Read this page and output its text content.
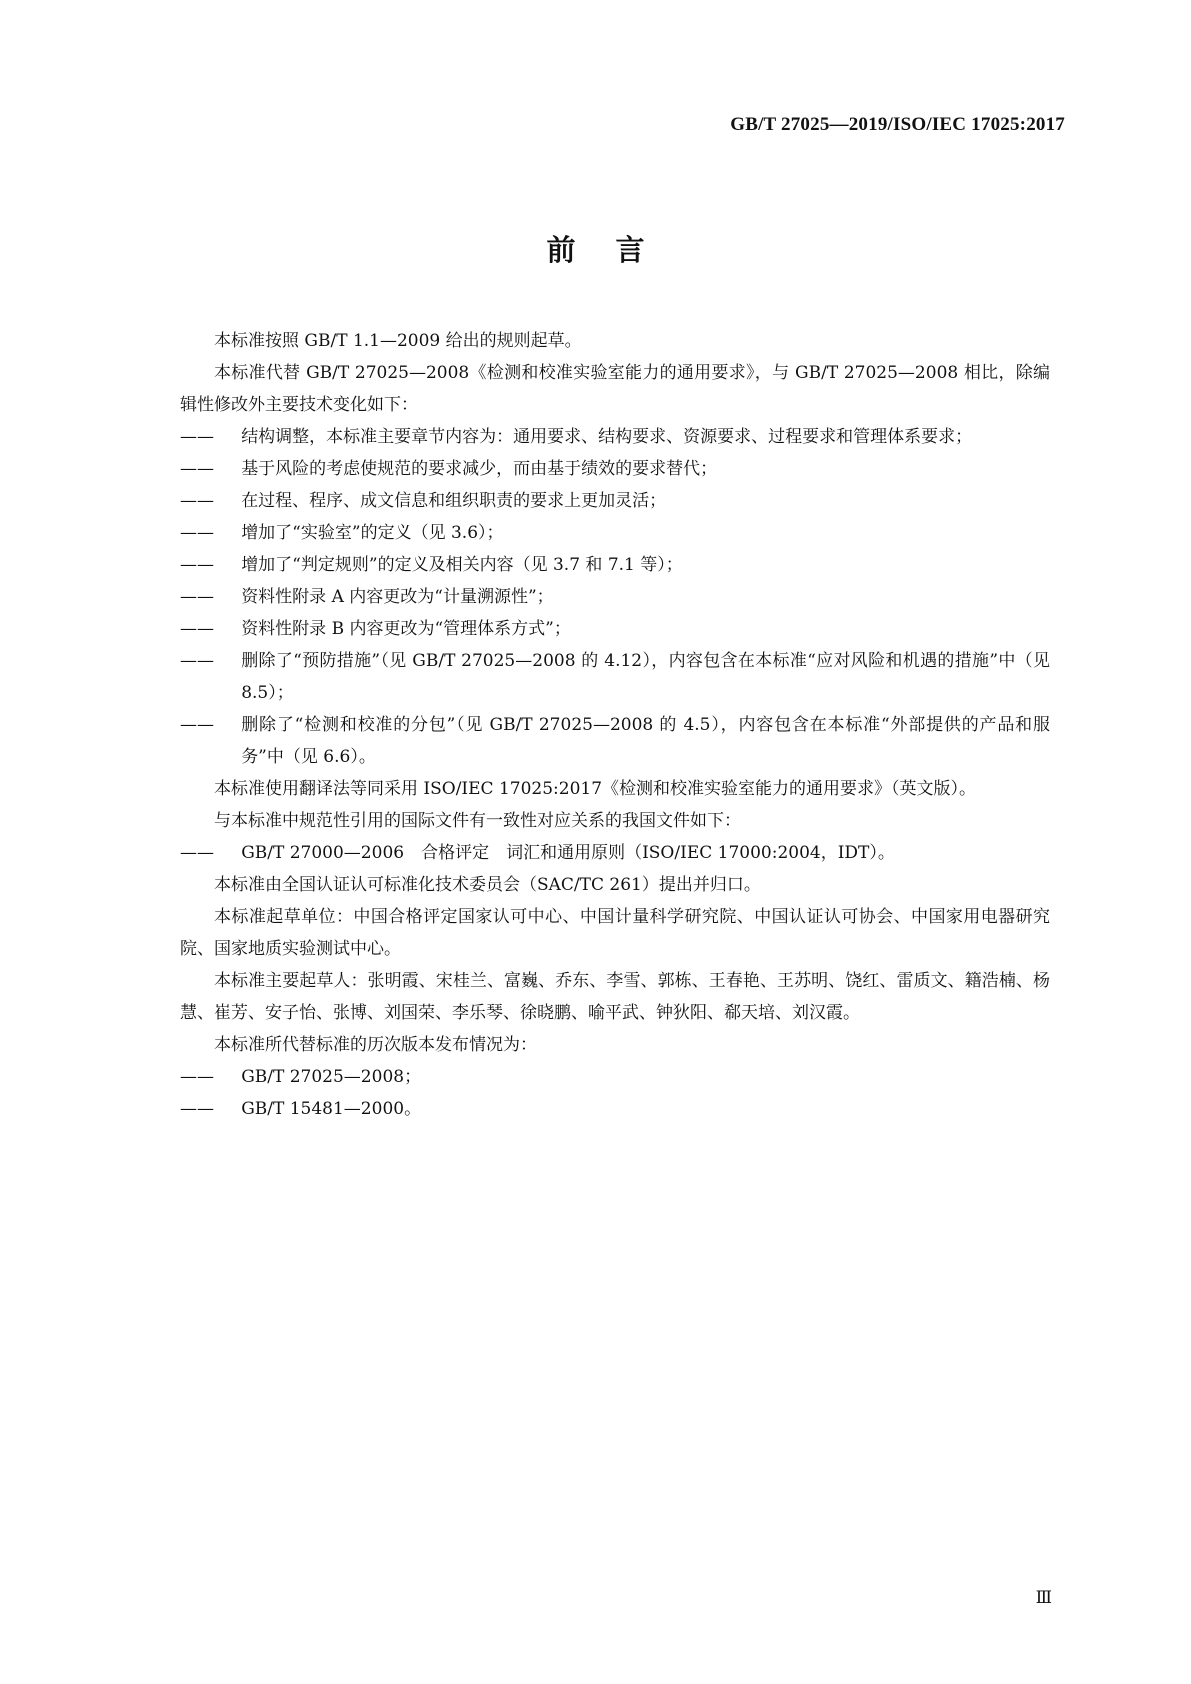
GB/T 27025—2019/ISO/IEC 17025:2017
前言

本标准按照 GB/T 1.1—2009 给出的规则起草。

本标准代替 GB/T 27025—2008《检测和校准实验室能力的通用要求》，与 GB/T 27025—2008 相比，除编辑性修改外主要技术变化如下：

——	结构调整，本标准主要章节内容为：通用要求、结构要求、资源要求、过程要求和管理体系要求；

——	基于风险的考虑使规范的要求减少，而由基于绩效的要求替代；

——	在过程、程序、成文信息和组织职责的要求上更加灵活；

——	增加了“实验室”的定义（见 3.6）；

——	增加了“判定规则”的定义及相关内容（见 3.7 和 7.1 等）；

——	资料性附录 A 内容更改为“计量溯源性”；

——	资料性附录 B 内容更改为“管理体系方式”；

——	删除了“预防措施”（见 GB/T 27025—2008 的 4.12），内容包含在本标准“应对风险和机遇的措施”中（见 8.5）；

——	删除了“检测和校准的分包”（见 GB/T 27025—2008 的 4.5），内容包含在本标准“外部提供的产品和服务”中（见 6.6）。

本标准使用翻译法等同采用 ISO/IEC 17025:2017《检测和校准实验室能力的通用要求》（英文版）。

与本标准中规范性引用的国际文件有一致性对应关系的我国文件如下：

——	GB/T 27000—2006　合格评定　词汇和通用原则（ISO/IEC 17000:2004，IDT）。

本标准由全国认证认可标准化技术委员会（SAC/TC 261）提出并归口。

本标准起草单位：中国合格评定国家认可中心、中国计量科学研究院、中国认证认可协会、中国家用电器研究院、国家地质实验测试中心。

本标准主要起草人：张明霞、宋桂兰、富巍、乔东、李雪、郭栋、王春艳、王苏明、饶红、雷质文、籍浩楠、杨慧、崔芳、安子怡、张博、刘国荣、李乐琴、徐晓鹏、喻平武、钟狄阳、郗天培、刘汉霞。

本标准所代替标准的历次版本发布情况为：

——	GB/T 27025—2008；

——	GB/T 15481—2000。

Ⅲ
